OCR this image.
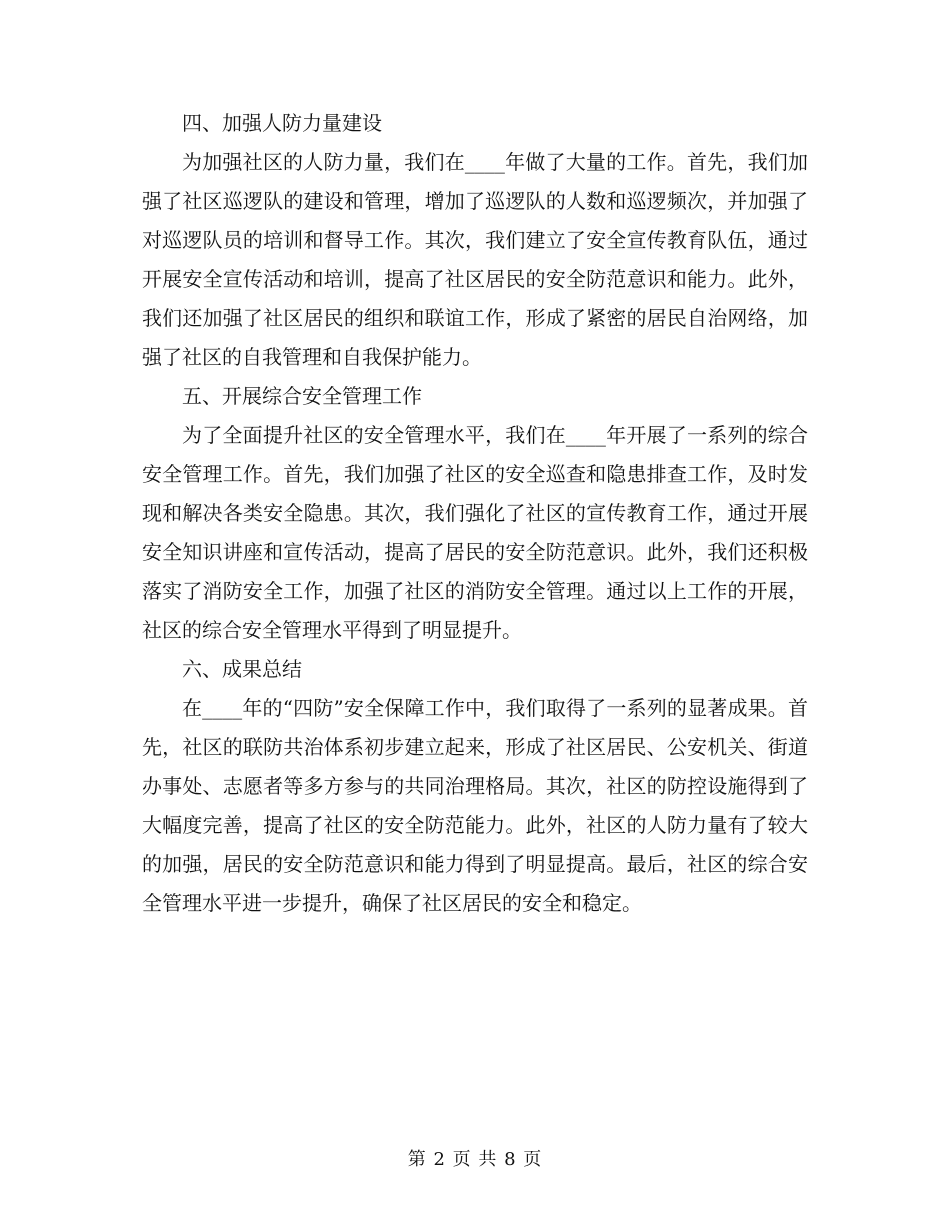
四、加强人防力量建设

为加强社区的人防力量，我们在____年做了大量的工作。首先，我们加强了社区巡逻队的建设和管理，增加了巡逻队的人数和巡逻频次，并加强了对巡逻队员的培训和督导工作。其次，我们建立了安全宣传教育队伍，通过开展安全宣传活动和培训，提高了社区居民的安全防范意识和能力。此外，我们还加强了社区居民的组织和联谊工作，形成了紧密的居民自治网络，加强了社区的自我管理和自我保护能力。

五、开展综合安全管理工作

为了全面提升社区的安全管理水平，我们在____年开展了一系列的综合安全管理工作。首先，我们加强了社区的安全巡查和隐患排查工作，及时发现和解决各类安全隐患。其次，我们强化了社区的宣传教育工作，通过开展安全知识讲座和宣传活动，提高了居民的安全防范意识。此外，我们还积极落实了消防安全工作，加强了社区的消防安全管理。通过以上工作的开展，社区的综合安全管理水平得到了明显提升。

六、成果总结

在____年的“四防”安全保障工作中，我们取得了一系列的显著成果。首先，社区的联防共治体系初步建立起来，形成了社区居民、公安机关、街道办事处、志愿者等多方参与的共同治理格局。其次，社区的防控设施得到了大幅度完善，提高了社区的安全防范能力。此外，社区的人防力量有了较大的加强，居民的安全防范意识和能力得到了明显提高。最后，社区的综合安全管理水平进一步提升，确保了社区居民的安全和稳定。

第 2 页 共 8 页
